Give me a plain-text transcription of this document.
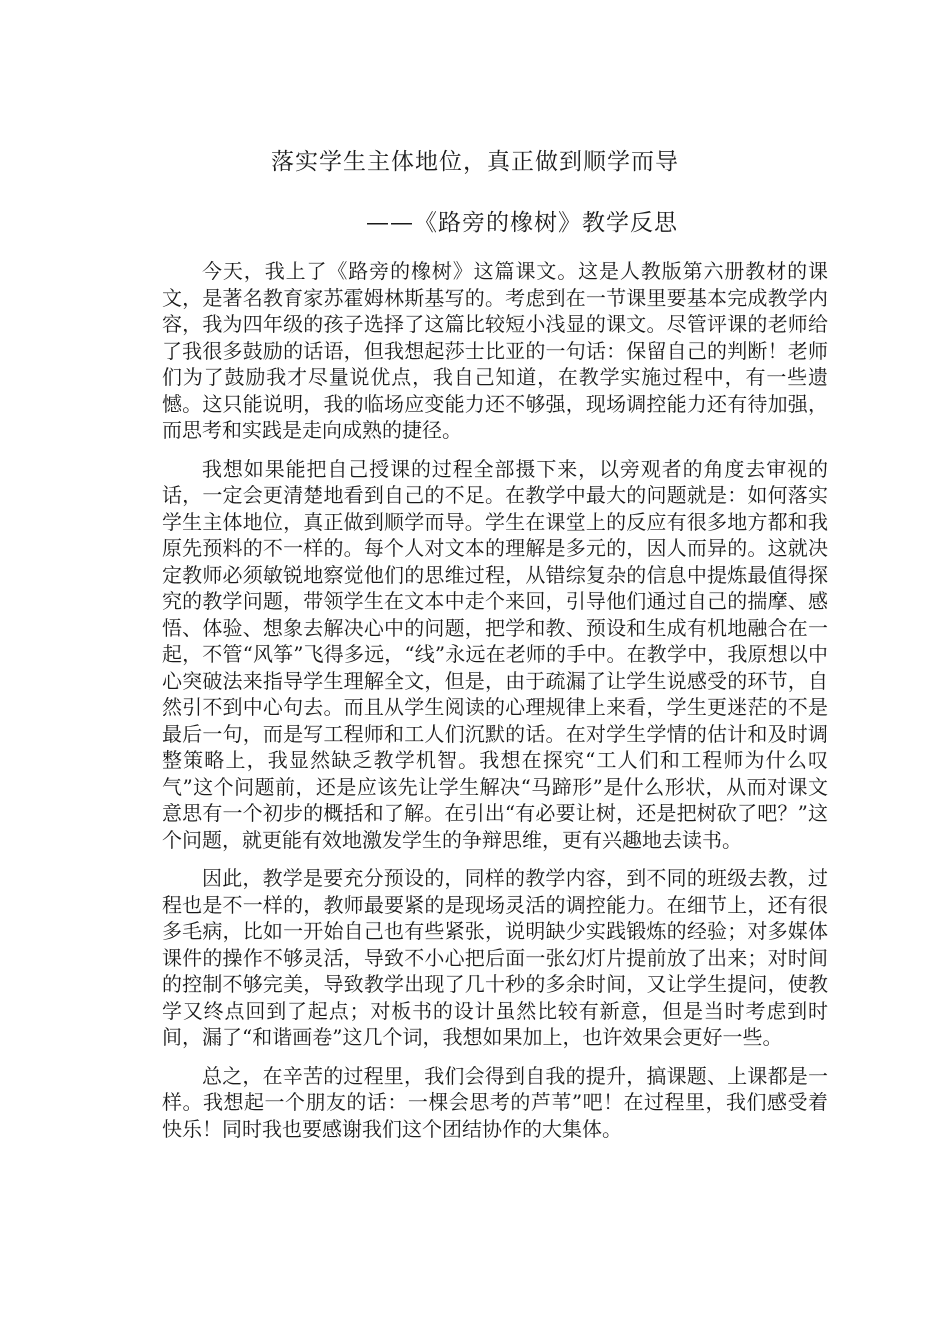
落实学生主体地位，真正做到顺学而导
——《路旁的橡树》教学反思

今天，我上了《路旁的橡树》这篇课文。这是人教版第六册教材的课文，是著名教育家苏霍姆林斯基写的。考虑到在一节课里要基本完成教学内容，我为四年级的孩子选择了这篇比较短小浅显的课文。尽管评课的老师给了我很多鼓励的话语，但我想起莎士比亚的一句话：保留自己的判断！老师们为了鼓励我才尽量说优点，我自己知道，在教学实施过程中，有一些遗憾。这只能说明，我的临场应变能力还不够强，现场调控能力还有待加强，而思考和实践是走向成熟的捷径。

我想如果能把自己授课的过程全部摄下来，以旁观者的角度去审视的话，一定会更清楚地看到自己的不足。在教学中最大的问题就是：如何落实学生主体地位，真正做到顺学而导。学生在课堂上的反应有很多地方都和我原先预料的不一样的。每个人对文本的理解是多元的，因人而异的。这就决定教师必须敏锐地察觉他们的思维过程，从错综复杂的信息中提炼最值得探究的教学问题，带领学生在文本中走个来回，引导他们通过自己的揣摩、感悟、体验、想象去解决心中的问题，把学和教、预设和生成有机地融合在一起，不管“风筝”飞得多远，“线”永远在老师的手中。在教学中，我原想以中心突破法来指导学生理解全文，但是，由于疏漏了让学生说感受的环节，自然引不到中心句去。而且从学生阅读的心理规律上来看，学生更迷茫的不是最后一句，而是写工程师和工人们沉默的话。在对学生学情的估计和及时调整策略上，我显然缺乏教学机智。我想在探究“工人们和工程师为什么叹气”这个问题前，还是应该先让学生解决“马蹄形”是什么形状，从而对课文意思有一个初步的概括和了解。在引出“有必要让树，还是把树砍了吧？”这个问题，就更能有效地激发学生的争辩思维，更有兴趣地去读书。

因此，教学是要充分预设的，同样的教学内容，到不同的班级去教，过程也是不一样的，教师最要紧的是现场灵活的调控能力。在细节上，还有很多毛病，比如一开始自己也有些紧张，说明缺少实践锻炼的经验；对多媒体课件的操作不够灵活，导致不小心把后面一张幻灯片提前放了出来；对时间的控制不够完美，导致教学出现了几十秒的多余时间，又让学生提问，使教学又终点回到了起点；对板书的设计虽然比较有新意，但是当时考虑到时间，漏了“和谐画卷”这几个词，我想如果加上，也许效果会更好一些。

总之，在辛苦的过程里，我们会得到自我的提升，搞课题、上课都是一样。我想起一个朋友的话：一棵会思考的芦苇”吧！在过程里，我们感受着快乐！同时我也要感谢我们这个团结协作的大集体。
